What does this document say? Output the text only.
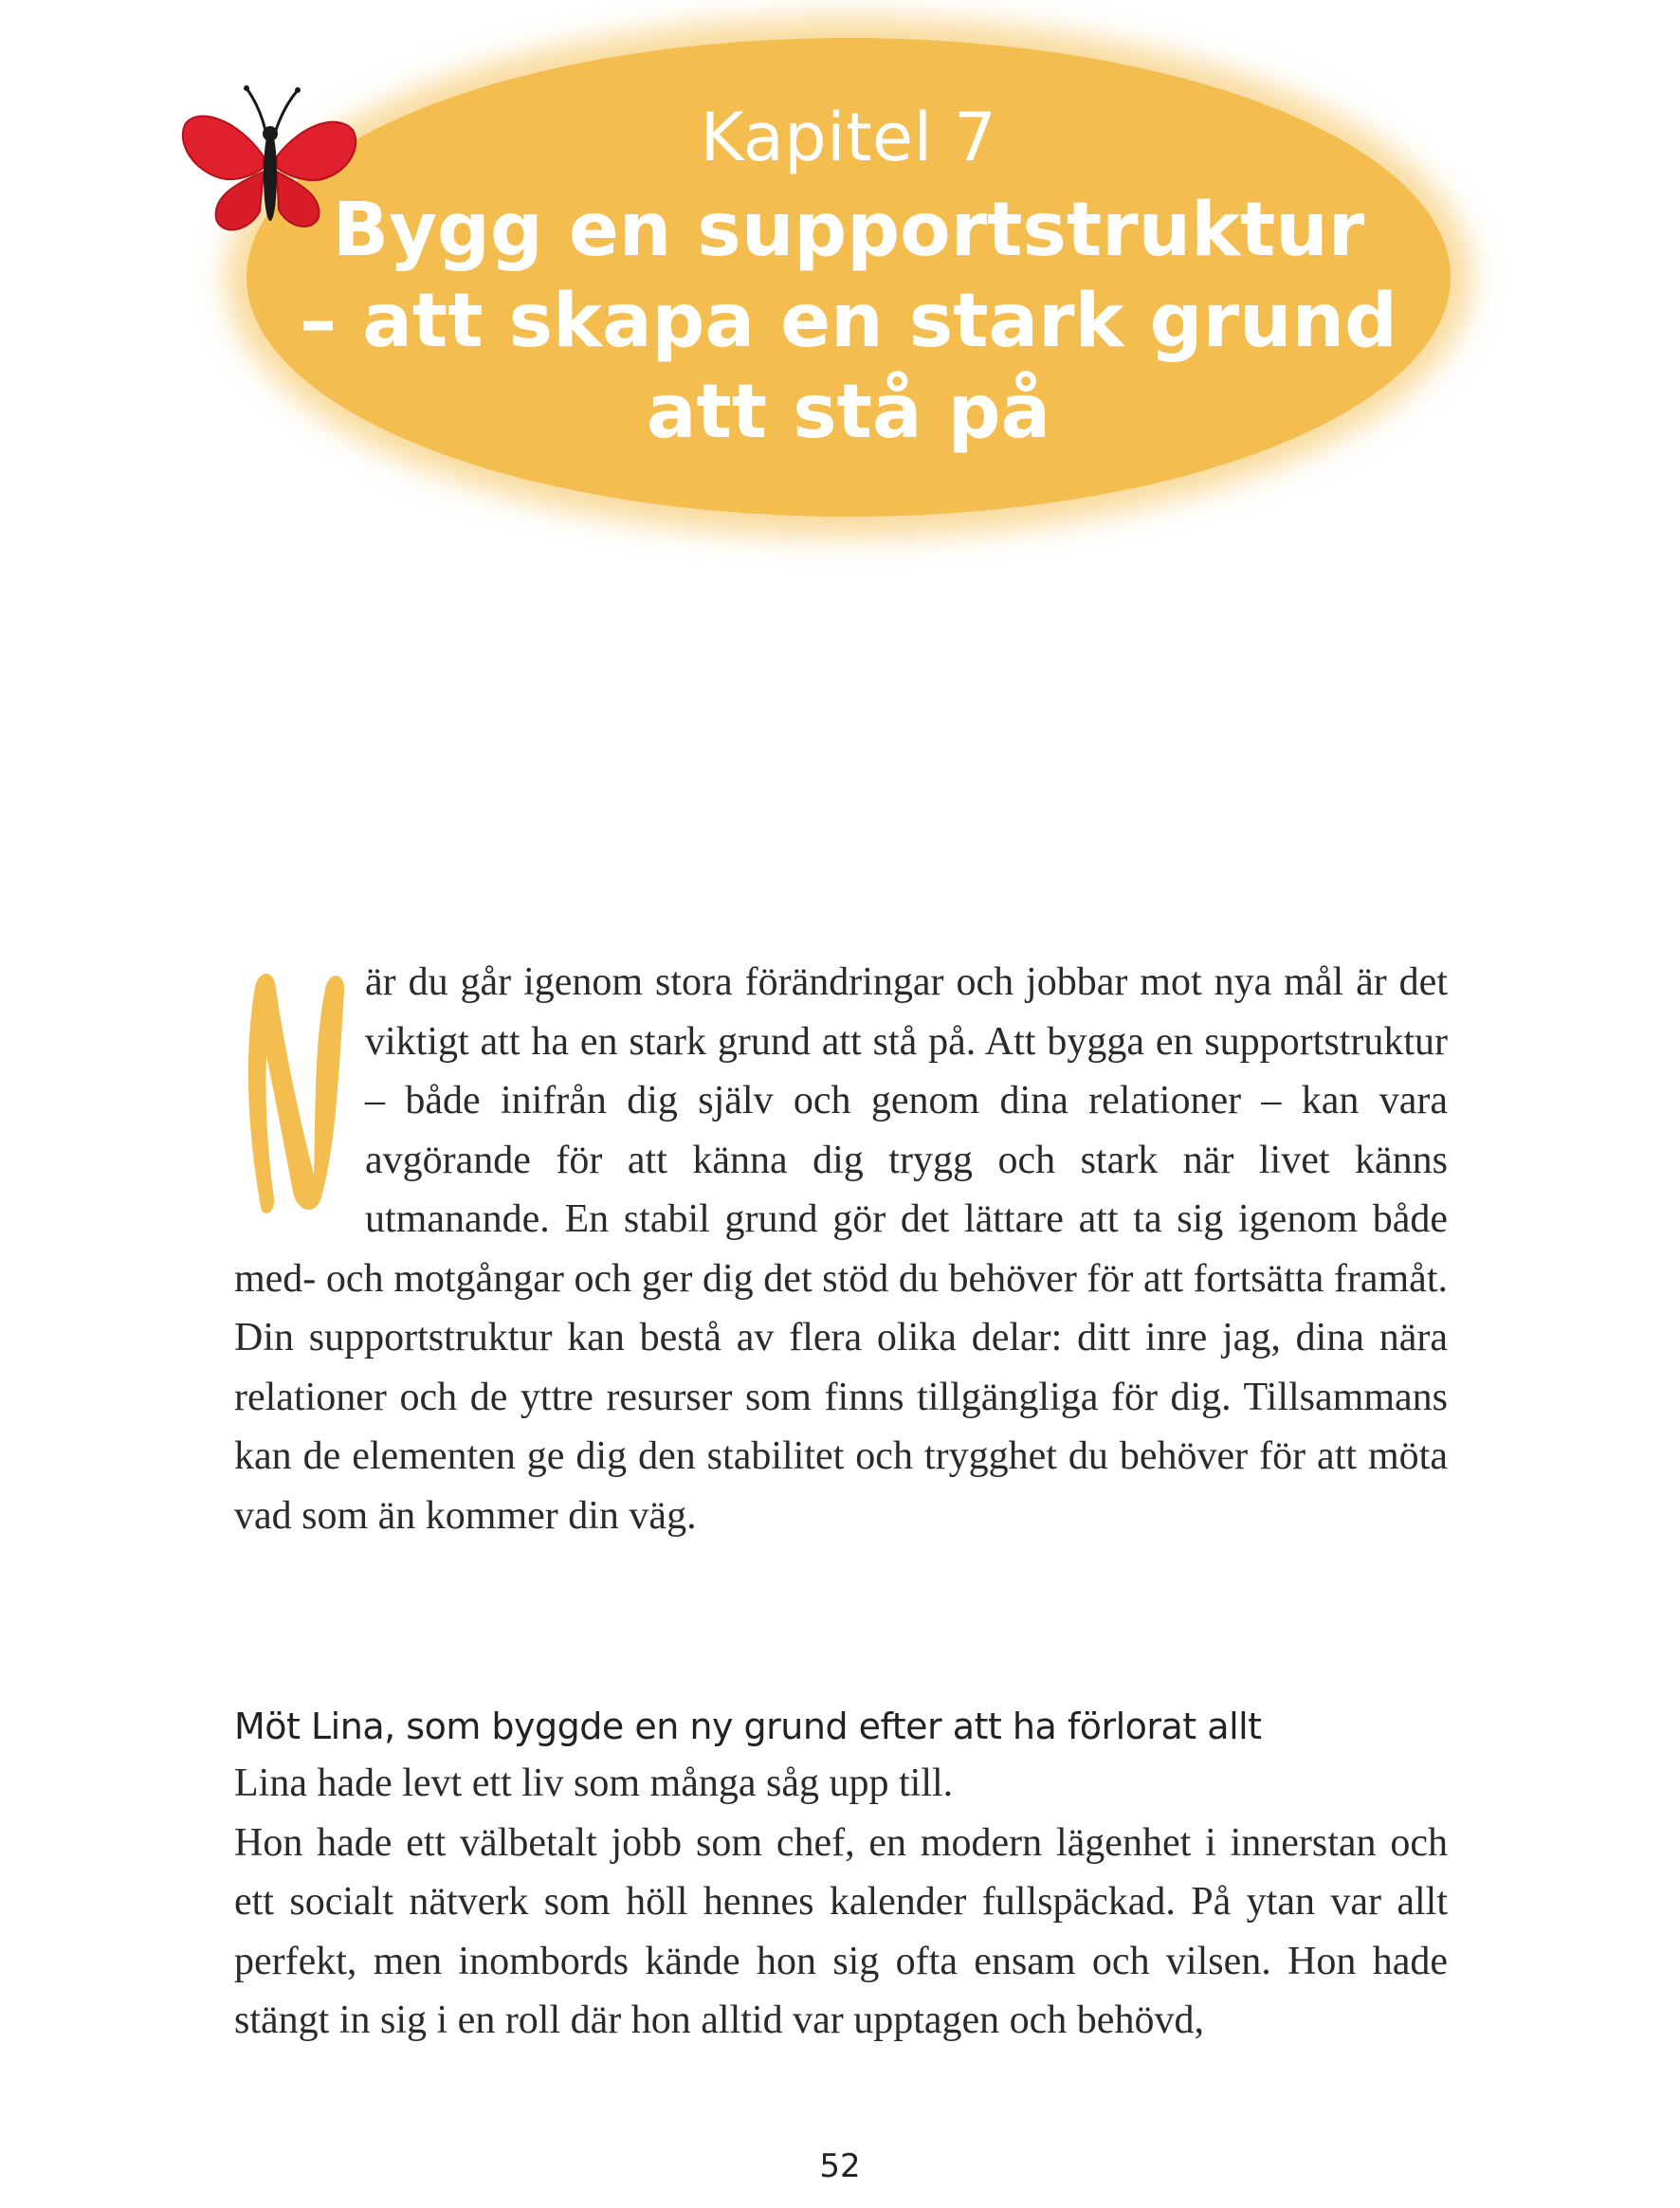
Kapitel 7
Bygg en supportstruktur
– att skapa en stark grund
att stå på
N	är du går igenom stora förändringar och jobbar mot nya mål är det viktigt att ha en stark grund att stå på. Att bygga en supportstruktur – både inifrån dig själv och genom dina relationer – kan vara avgörande för att känna dig trygg och stark när livet känns utmanande. En stabil grund gör det lättare att ta sig igenom både med- och motgångar och ger dig det stöd du behöver för att fortsätta framåt. Din supportstruktur kan bestå av flera olika delar: ditt inre jag, dina nära relationer och de yttre resurser som finns tillgängliga för dig. Tillsammans kan de elementen ge dig den stabilitet och trygghet du behöver för att möta vad som än kommer din väg.
Möt Lina, som byggde en ny grund efter att ha förlorat allt

Lina hade levt ett liv som många såg upp till.

Hon hade ett välbetalt jobb som chef, en modern lägenhet i innerstan och ett socialt nätverk som höll hennes kalender fullspäckad. På ytan var allt perfekt, men inombords kände hon sig ofta ensam och vilsen. Hon hade stängt in sig i en roll där hon alltid var upptagen och behövd,

52
